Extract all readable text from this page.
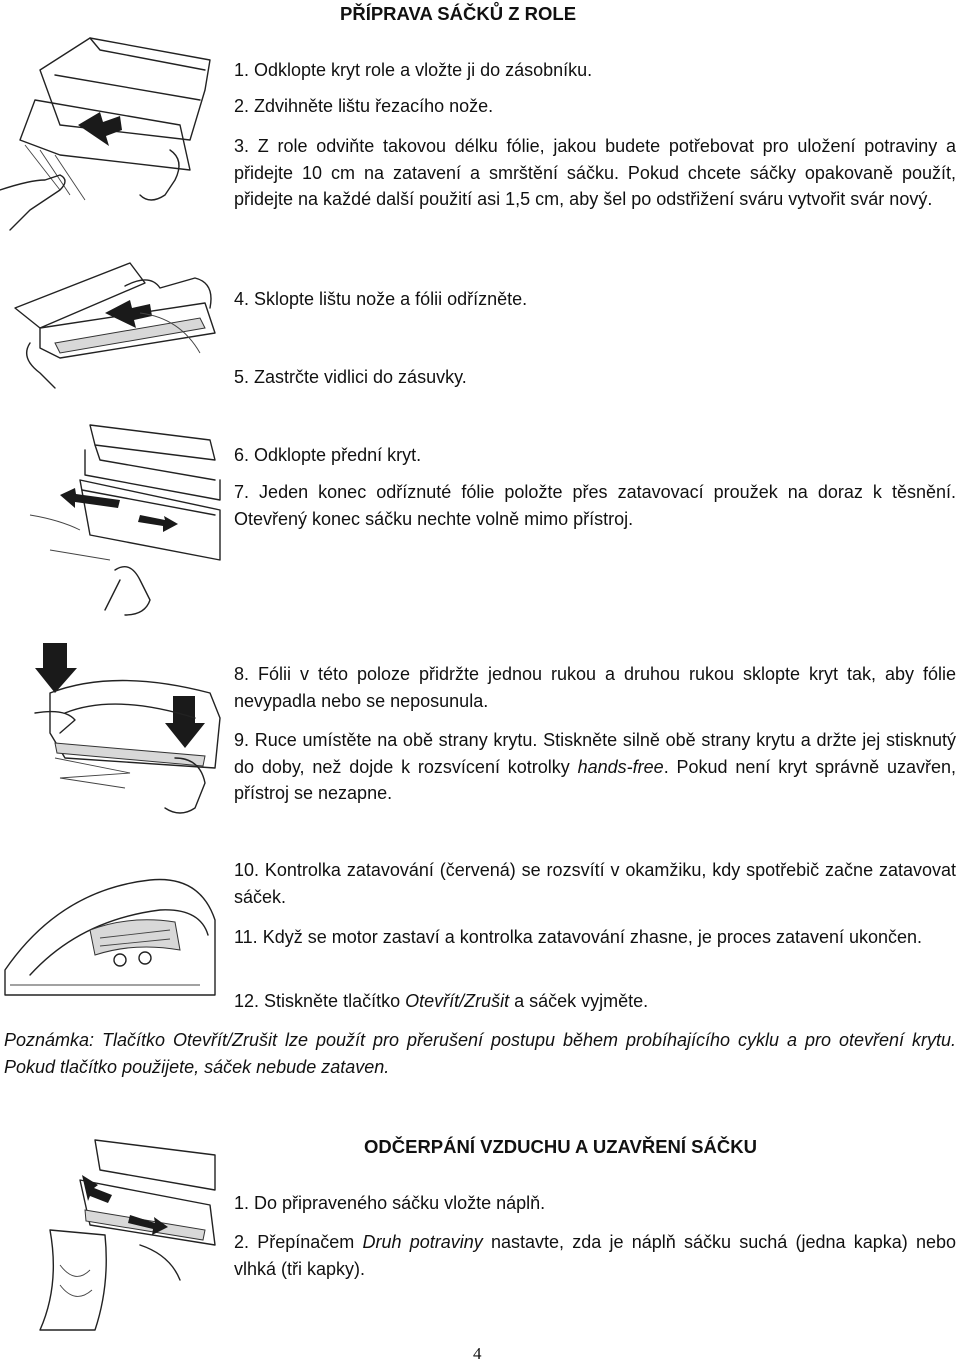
PŘÍPRAVA SÁČKŮ Z ROLE
1. Odklopte kryt role a vložte ji do zásobníku.
2. Zdvihněte lištu řezacího nože.
3. Z role odviňte takovou délku fólie, jakou budete potřebovat pro uložení potraviny a přidejte 10 cm na zatavení a smrštění sáčku. Pokud chcete sáčky opakovaně použít, přidejte na každé další použití asi 1,5 cm, aby šel po odstřižení sváru vytvořit svár nový.
4. Sklopte lištu nože a fólii odřízněte.
5. Zastrčte vidlici do zásuvky.
6. Odklopte přední kryt.
7. Jeden konec odříznuté fólie položte přes zatavovací proužek na doraz k těsnění. Otevřený konec sáčku nechte volně mimo přístroj.
8. Fólii v této poloze přidržte jednou rukou a druhou rukou sklopte kryt tak, aby fólie nevypadla nebo se neposunula.
9. Ruce umístěte na obě strany krytu. Stiskněte silně obě strany krytu a držte jej stisknutý do doby, než dojde k rozsvícení kotrolky hands-free. Pokud není kryt správně uzavřen, přístroj se nezapne.
10. Kontrolka zatavování (červená) se rozsvítí v okamžiku, kdy spotřebič začne zatavovat sáček.
11. Když se motor zastaví a kontrolka zatavování zhasne, je proces zatavení ukončen.
12. Stiskněte tlačítko Otevřít/Zrušit a sáček vyjměte.
Poznámka: Tlačítko Otevřít/Zrušit lze použít pro přerušení postupu během probíhajícího cyklu a pro otevření krytu. Pokud tlačítko použijete, sáček nebude zataven.
ODČERPÁNÍ VZDUCHU A UZAVŘENÍ SÁČKU
1. Do připraveného sáčku vložte náplň.
2. Přepínačem Druh potraviny nastavte, zda je náplň sáčku suchá (jedna kapka) nebo vlhká (tři kapky).
4
